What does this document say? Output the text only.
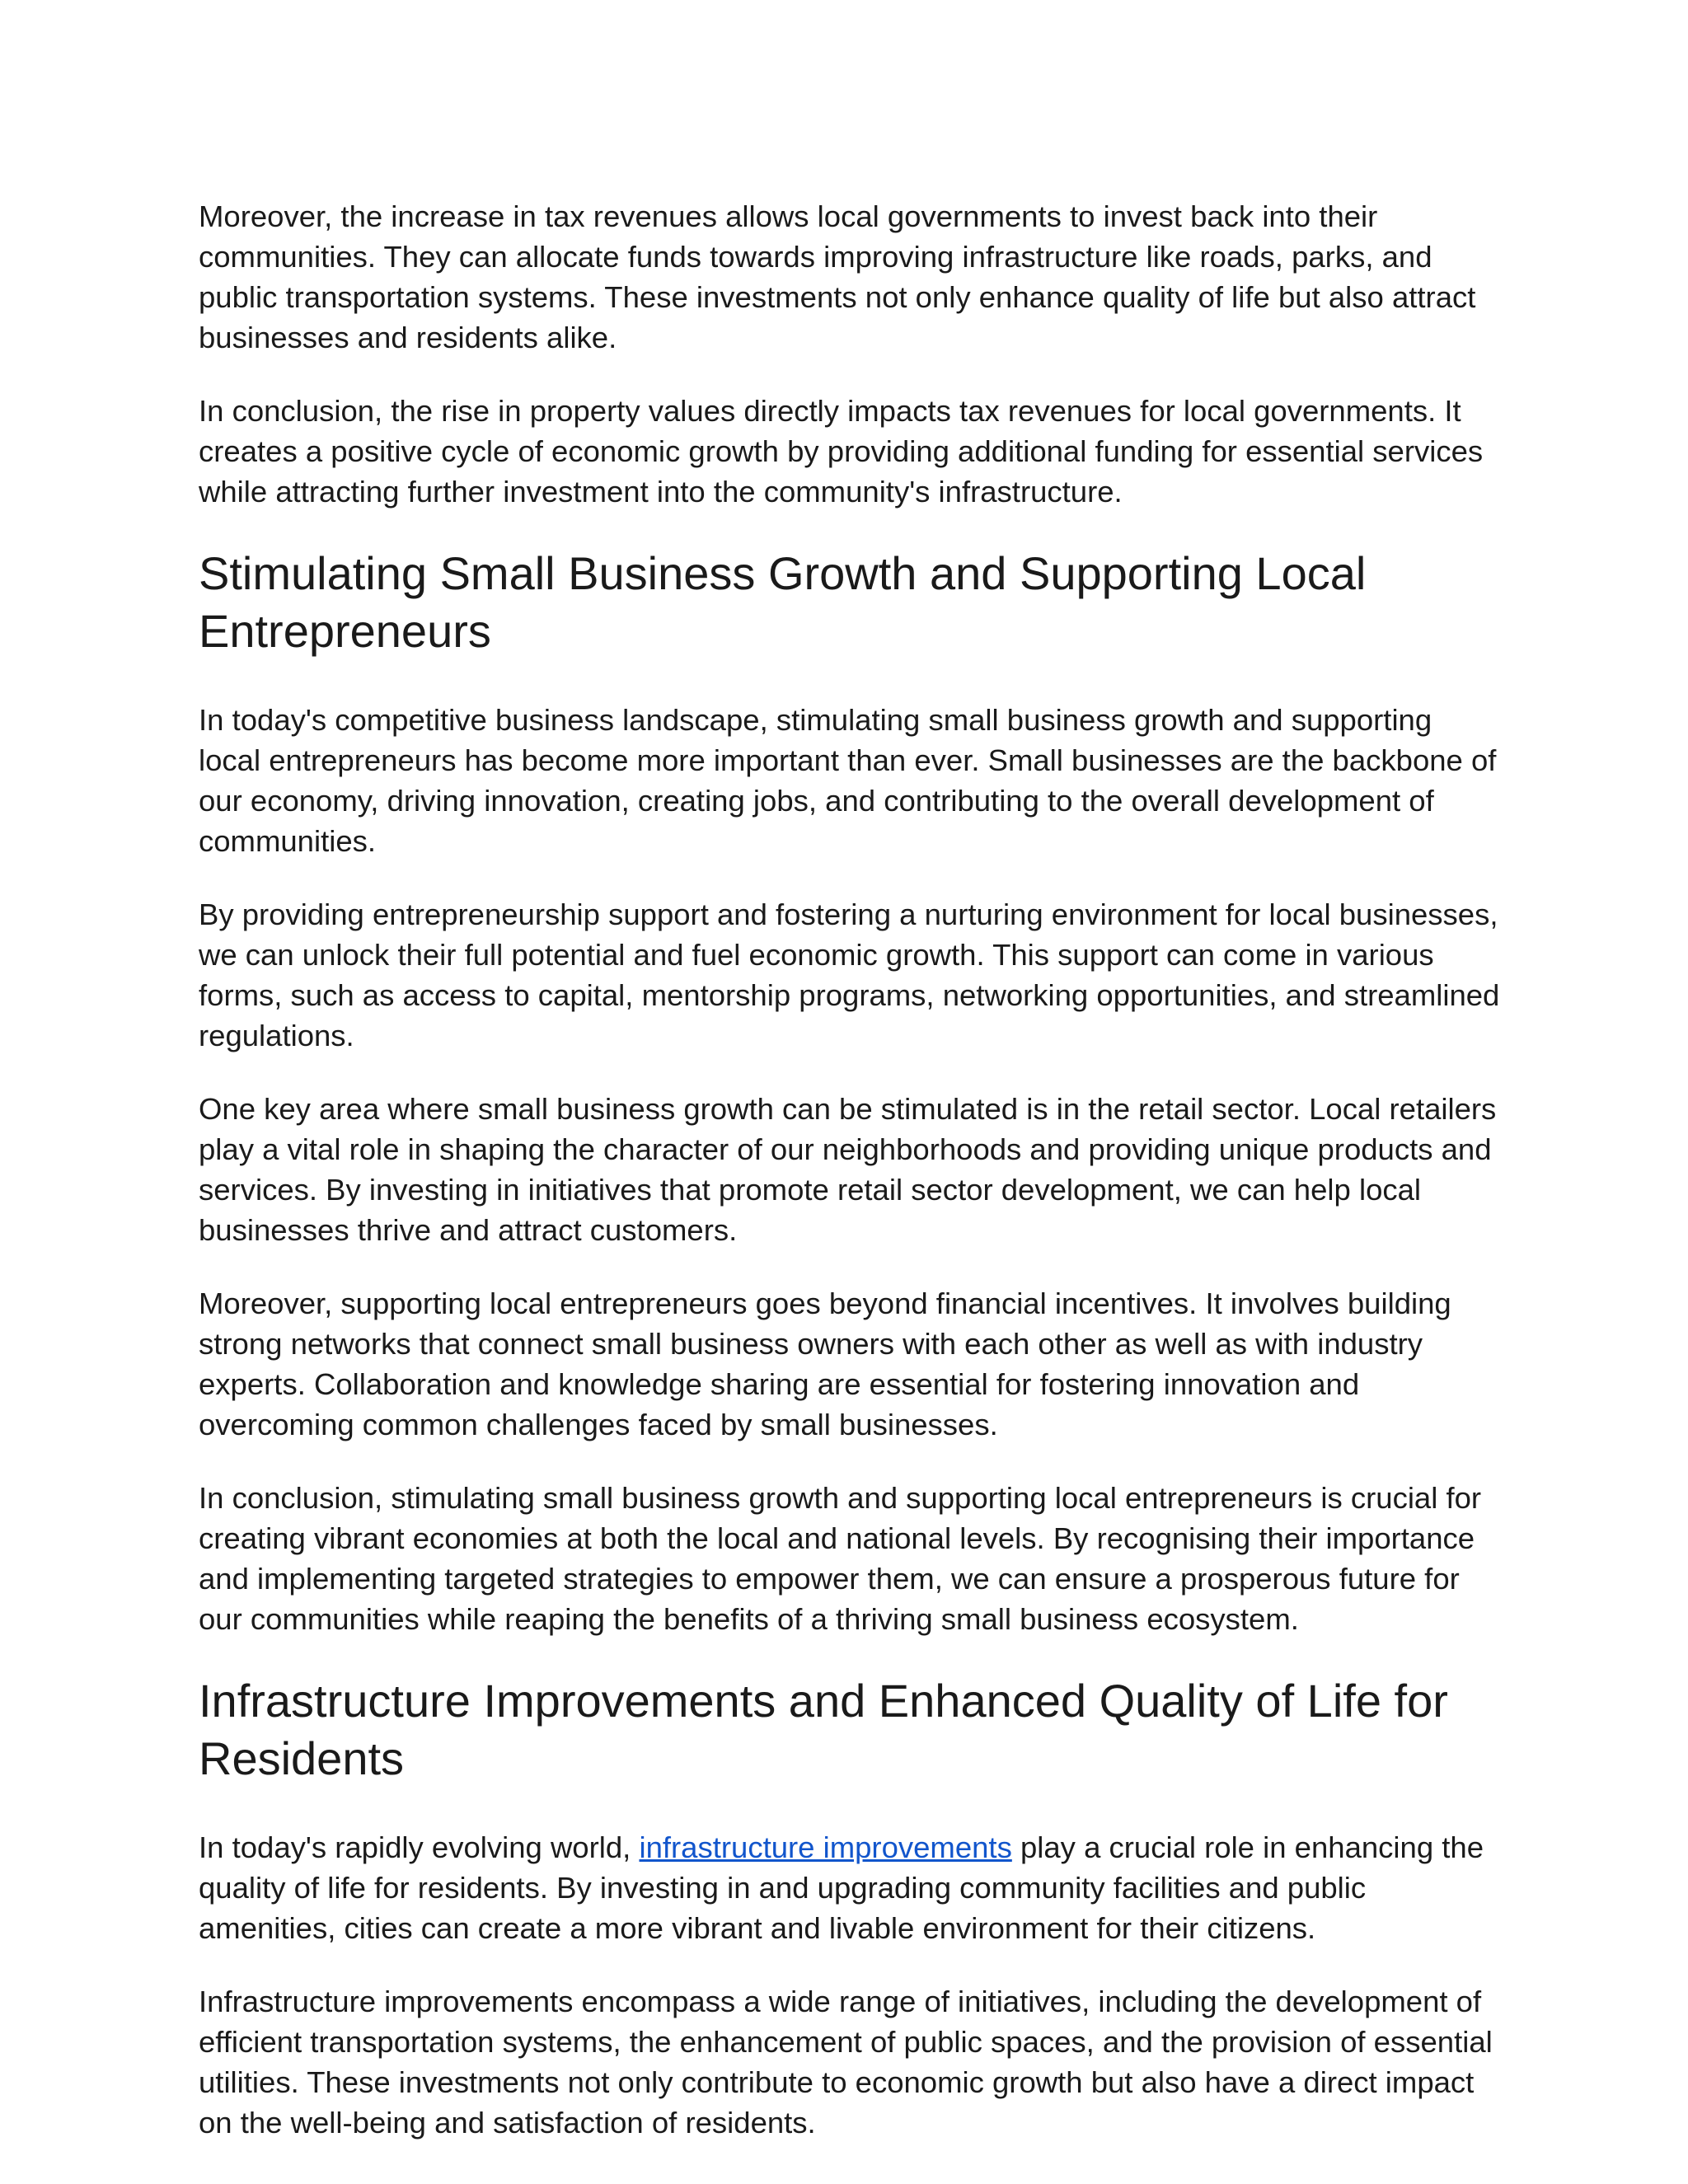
Moreover, the increase in tax revenues allows local governments to invest back into their communities. They can allocate funds towards improving infrastructure like roads, parks, and public transportation systems. These investments not only enhance quality of life but also attract businesses and residents alike.

In conclusion, the rise in property values directly impacts tax revenues for local governments. It creates a positive cycle of economic growth by providing additional funding for essential services while attracting further investment into the community's infrastructure.

Stimulating Small Business Growth and Supporting Local Entrepreneurs

In today's competitive business landscape, stimulating small business growth and supporting local entrepreneurs has become more important than ever. Small businesses are the backbone of our economy, driving innovation, creating jobs, and contributing to the overall development of communities.

By providing entrepreneurship support and fostering a nurturing environment for local businesses, we can unlock their full potential and fuel economic growth. This support can come in various forms, such as access to capital, mentorship programs, networking opportunities, and streamlined regulations.

One key area where small business growth can be stimulated is in the retail sector. Local retailers play a vital role in shaping the character of our neighborhoods and providing unique products and services. By investing in initiatives that promote retail sector development, we can help local businesses thrive and attract customers.

Moreover, supporting local entrepreneurs goes beyond financial incentives. It involves building strong networks that connect small business owners with each other as well as with industry experts. Collaboration and knowledge sharing are essential for fostering innovation and overcoming common challenges faced by small businesses.

In conclusion, stimulating small business growth and supporting local entrepreneurs is crucial for creating vibrant economies at both the local and national levels. By recognising their importance and implementing targeted strategies to empower them, we can ensure a prosperous future for our communities while reaping the benefits of a thriving small business ecosystem.

Infrastructure Improvements and Enhanced Quality of Life for Residents

In today's rapidly evolving world, infrastructure improvements play a crucial role in enhancing the quality of life for residents. By investing in and upgrading community facilities and public amenities, cities can create a more vibrant and livable environment for their citizens.

Infrastructure improvements encompass a wide range of initiatives, including the development of efficient transportation systems, the enhancement of public spaces, and the provision of essential utilities. These investments not only contribute to economic growth but also have a direct impact on the well-being and satisfaction of residents.
